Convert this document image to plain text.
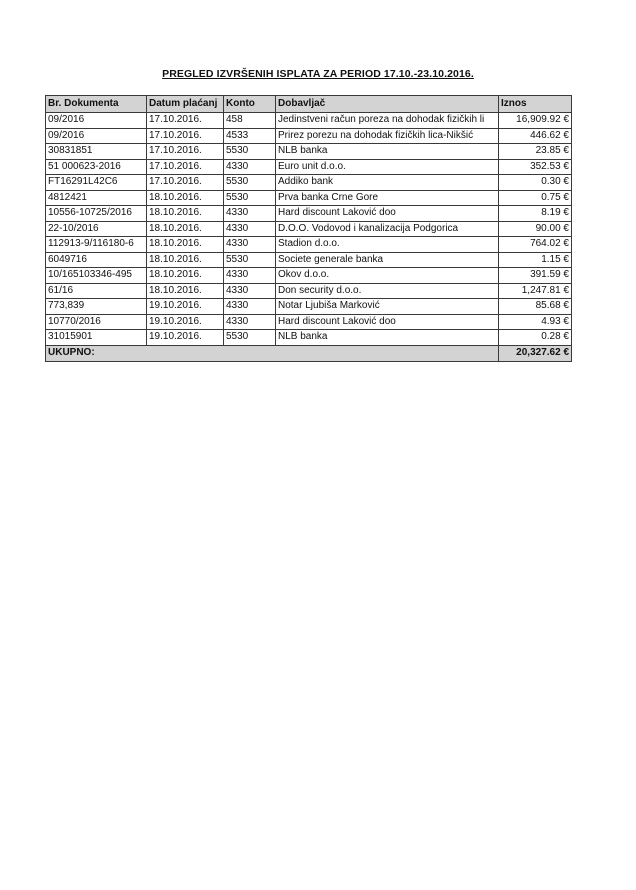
PREGLED IZVRŠENIH ISPLATA ZA PERIOD 17.10.-23.10.2016.
Br. Dokumenta	Datum plaćanj	Konto	Dobavljač	Iznos
09/2016	17.10.2016.	458	Jedinstveni račun poreza na dohodak fizičkih li	16,909.92 €
09/2016	17.10.2016.	4533	Prirez porezu na dohodak fizičkih lica-Nikšić	446.62 €
30831851	17.10.2016.	5530	NLB banka	23.85 €
51 000623-2016	17.10.2016.	4330	Euro unit d.o.o.	352.53 €
FT16291L42C6	17.10.2016.	5530	Addiko bank	0.30 €
4812421	18.10.2016.	5530	Prva banka Crne Gore	0.75 €
10556-10725/2016	18.10.2016.	4330	Hard discount Laković doo	8.19 €
22-10/2016	18.10.2016.	4330	D.O.O. Vodovod i kanalizacija Podgorica	90.00 €
112913-9/116180-6	18.10.2016.	4330	Stadion d.o.o.	764.02 €
6049716	18.10.2016.	5530	Societe generale banka	1.15 €
10/165103346-495	18.10.2016.	4330	Okov d.o.o.	391.59 €
61/16	18.10.2016.	4330	Don security d.o.o.	1,247.81 €
773,839	19.10.2016.	4330	Notar Ljubiša Marković	85.68 €
10770/2016	19.10.2016.	4330	Hard discount Laković doo	4.93 €
31015901	19.10.2016.	5530	NLB banka	0.28 €
UKUPNO:				20,327.62 €
